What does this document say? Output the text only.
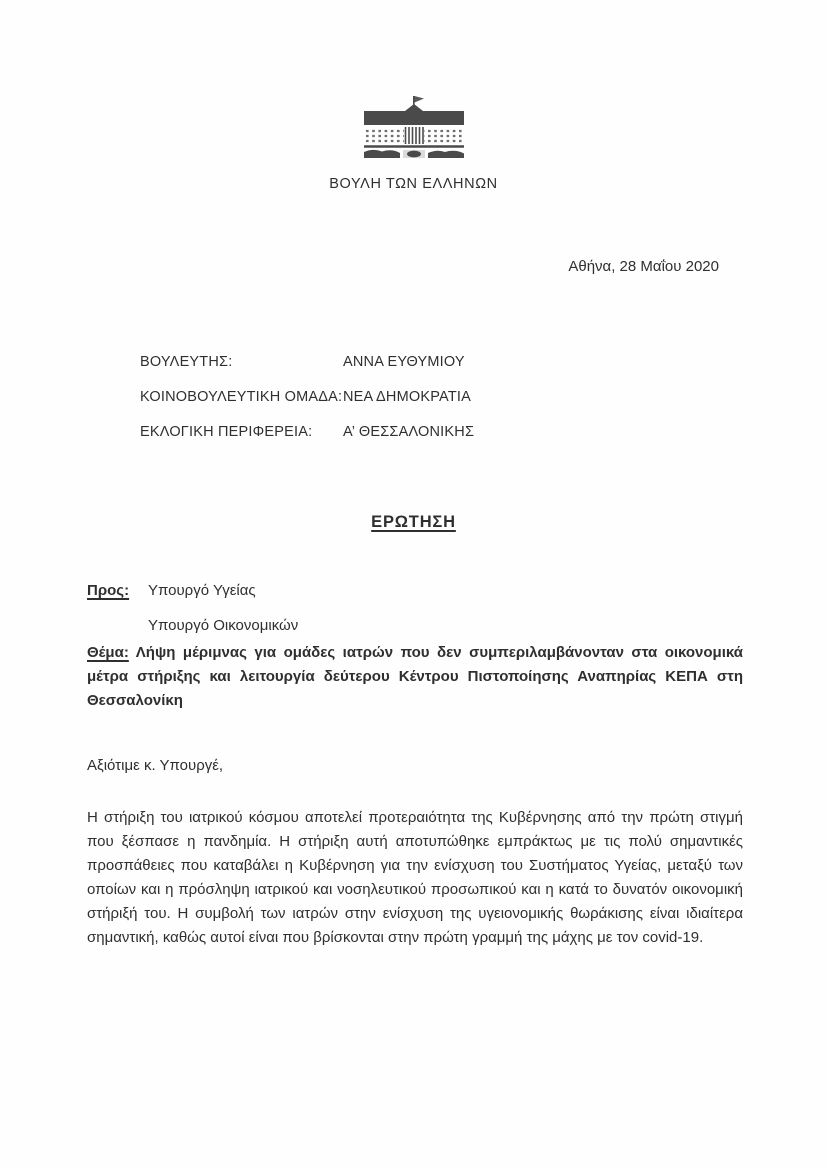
ΒΟΥΛΗ ΤΩΝ ΕΛΛΗΝΩΝ
Αθήνα, 28 Μαΐου 2020
ΒΟΥΛΕΥΤΗΣ:	ΑΝΝΑ ΕΥΘΥΜΙΟΥ
ΚΟΙΝΟΒΟΥΛΕΥΤΙΚΗ ΟΜΑΔΑ: ΝΕΑ ΔΗΜΟΚΡΑΤΙΑ
ΕΚΛΟΓΙΚΗ ΠΕΡΙΦΕΡΕΙΑ:	Α’ ΘΕΣΣΑΛΟΝΙΚΗΣ
ΕΡΩΤΗΣΗ
Προς:	Υπουργό Υγείας
Υπουργό Οικονομικών
Θέμα: Λήψη μέριμνας για ομάδες ιατρών που δεν συμπεριλαμβάνονταν στα οικονομικά μέτρα στήριξης και λειτουργία δεύτερου Κέντρου Πιστοποίησης Αναπηρίας ΚΕΠΑ στη Θεσσαλονίκη
Αξιότιμε κ. Υπουργέ,
Η στήριξη του ιατρικού κόσμου αποτελεί προτεραιότητα της Κυβέρνησης από την πρώτη στιγμή που ξέσπασε η πανδημία. Η στήριξη αυτή αποτυπώθηκε εμπράκτως με τις πολύ σημαντικές προσπάθειες που καταβάλει η Κυβέρνηση για την ενίσχυση του Συστήματος Υγείας, μεταξύ των οποίων και η πρόσληψη ιατρικού και νοσηλευτικού προσωπικού και η κατά το δυνατόν οικονομική στήριξή του. Η συμβολή των ιατρών στην ενίσχυση της υγειονομικής θωράκισης είναι ιδιαίτερα σημαντική, καθώς αυτοί είναι που βρίσκονται στην πρώτη γραμμή της μάχης με τον covid-19.
